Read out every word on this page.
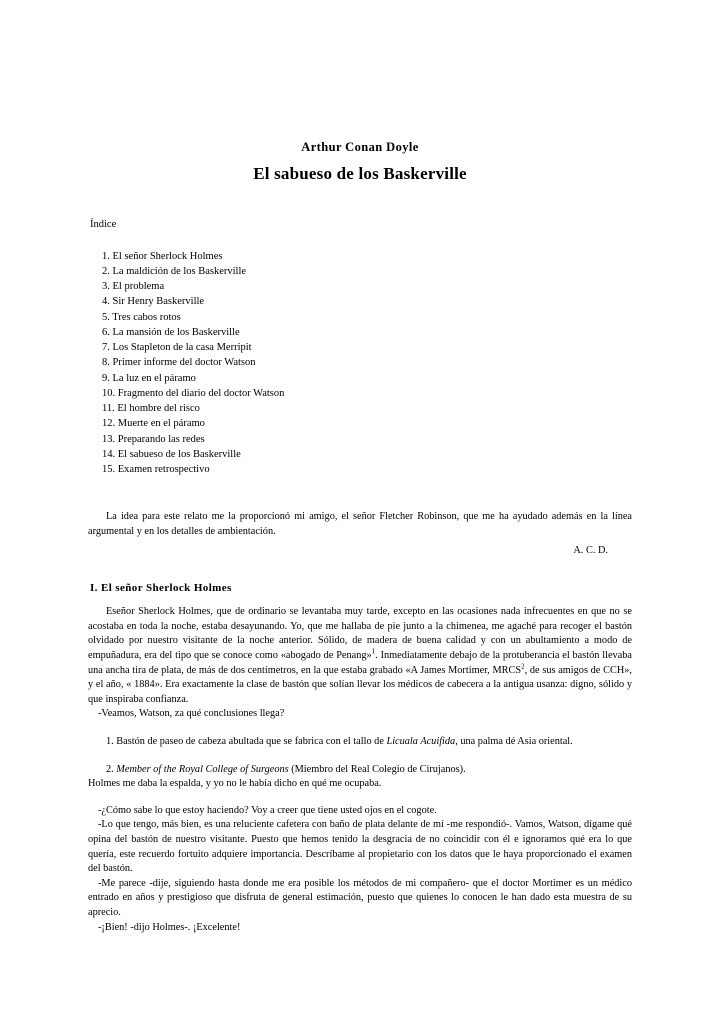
Arthur Conan Doyle
El sabueso de los Baskerville
Índice
1. El señor Sherlock Holmes
2. La maldición de los Baskerville
3. El problema
4. Sir Henry Baskerville
5. Tres cabos rotos
6. La mansión de los Baskerville
7. Los Stapleton de la casa Merripit
8. Primer informe del doctor Watson
9. La luz en el páramo
10. Fragmento del diario del doctor Watson
11. El hombre del risco
12. Muerte en el páramo
13. Preparando las redes
14. El sabueso de los Baskerville
15. Examen retrospectivo

La idea para este relato me la proporcionó mi amigo, el señor Fletcher Robinson, que me ha ayudado además en la línea argumental y en los detalles de ambientación.

A. C. D.

I. El señor Sherlock Holmes

Eseñor Sherlock Holmes, que de ordinario se levantaba muy tarde, excepto en las ocasiones nada infrecuentes en que no se acostaba en toda la noche, estaba desayunando. Yo, que me hallaba de pie junto a la chimenea, me agaché para recoger el bastón olvidado por nuestro visitante de la noche anterior. Sólido, de madera de buena calidad y con un abultamiento a modo de empuñadura, era del tipo que se conoce como «abogado de Penang»$^1$. Inmediatamente debajo de la protuberancia el bastón llevaba una ancha tira de plata, de más de dos centímetros, en la que estaba grabado «A James Mortimer, MRCS$^2$, de sus amigos de CCH», y el año, « 1884». Era exactamente la clase de bastón que solían llevar los médicos de cabecera a la antigua usanza: digno, sólido y que inspiraba confianza.

-Veamos, Watson, za qué conclusiones llega?

1. Bastón de paseo de cabeza abultada que se fabrica con el tallo de Licuala Acuifida, una palma dé Asia oriental.

2. Member of the Royal College of Surgeons (Miembro del Real Colegio de Cirujanos).

Holmes me daba la espalda, y yo no le había dicho en qué me ocupaba.

-¿Cómo sabe lo que estoy haciendo? Voy a creer que tiene usted ojos en el cogote.

-Lo que tengo, más bien, es una reluciente cafetera con baño de plata delante de mí -me respondió-. Vamos, Watson, dígame qué opina del bastón de nuestro visitante. Puesto que hemos tenido la desgracia de no coincidir con él e ignoramos qué era lo que quería, este recuerdo fortuito adquiere importancia. Descríbame al propietario con los datos que le haya proporcionado el examen del bastón.

-Me parece -dije, siguiendo hasta donde me era posible los métodos de mi compañero- que el doctor Mortimer es un médico entrado en años y prestigioso que disfruta de general estimación, puesto que quienes lo conocen le han dado esta muestra de su aprecio.

-¡Bien! -dijo Holmes-. ¡Excelente!
